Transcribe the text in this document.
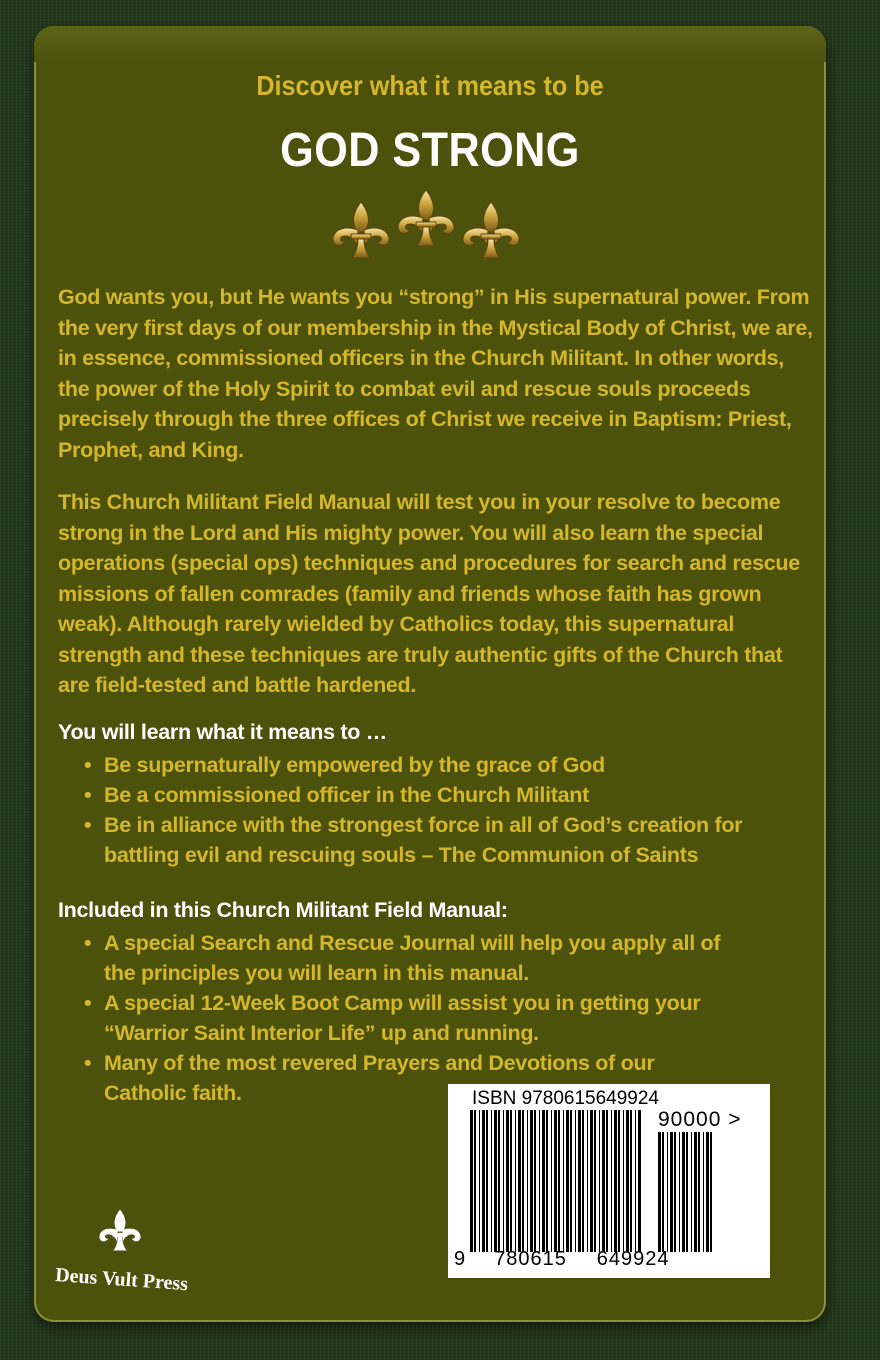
Discover what it means to be
GOD STRONG
God wants you, but He wants you “strong” in His supernatural power. From the very first days of our membership in the Mystical Body of Christ, we are, in essence, commissioned officers in the Church Militant. In other words, the power of the Holy Spirit to combat evil and rescue souls proceeds precisely through the three offices of Christ we receive in Baptism: Priest, Prophet, and King.
This Church Militant Field Manual will test you in your resolve to become strong in the Lord and His mighty power. You will also learn the special operations (special ops) techniques and procedures for search and rescue missions of fallen comrades (family and friends whose faith has grown weak). Although rarely wielded by Catholics today, this supernatural strength and these techniques are truly authentic gifts of the Church that are field-tested and battle hardened.
You will learn what it means to …
• Be supernaturally empowered by the grace of God
• Be a commissioned officer in the Church Militant
• Be in alliance with the strongest force in all of God’s creation for battling evil and rescuing souls – The Communion of Saints
Included in this Church Militant Field Manual:
• A special Search and Rescue Journal will help you apply all of the principles you will learn in this manual.
• A special 12-Week Boot Camp will assist you in getting your “Warrior Saint Interior Life” up and running.
• Many of the most revered Prayers and Devotions of our Catholic faith.	ISBN 9780615649924
90000 >
9 780615 649924
Deus Vult Press
